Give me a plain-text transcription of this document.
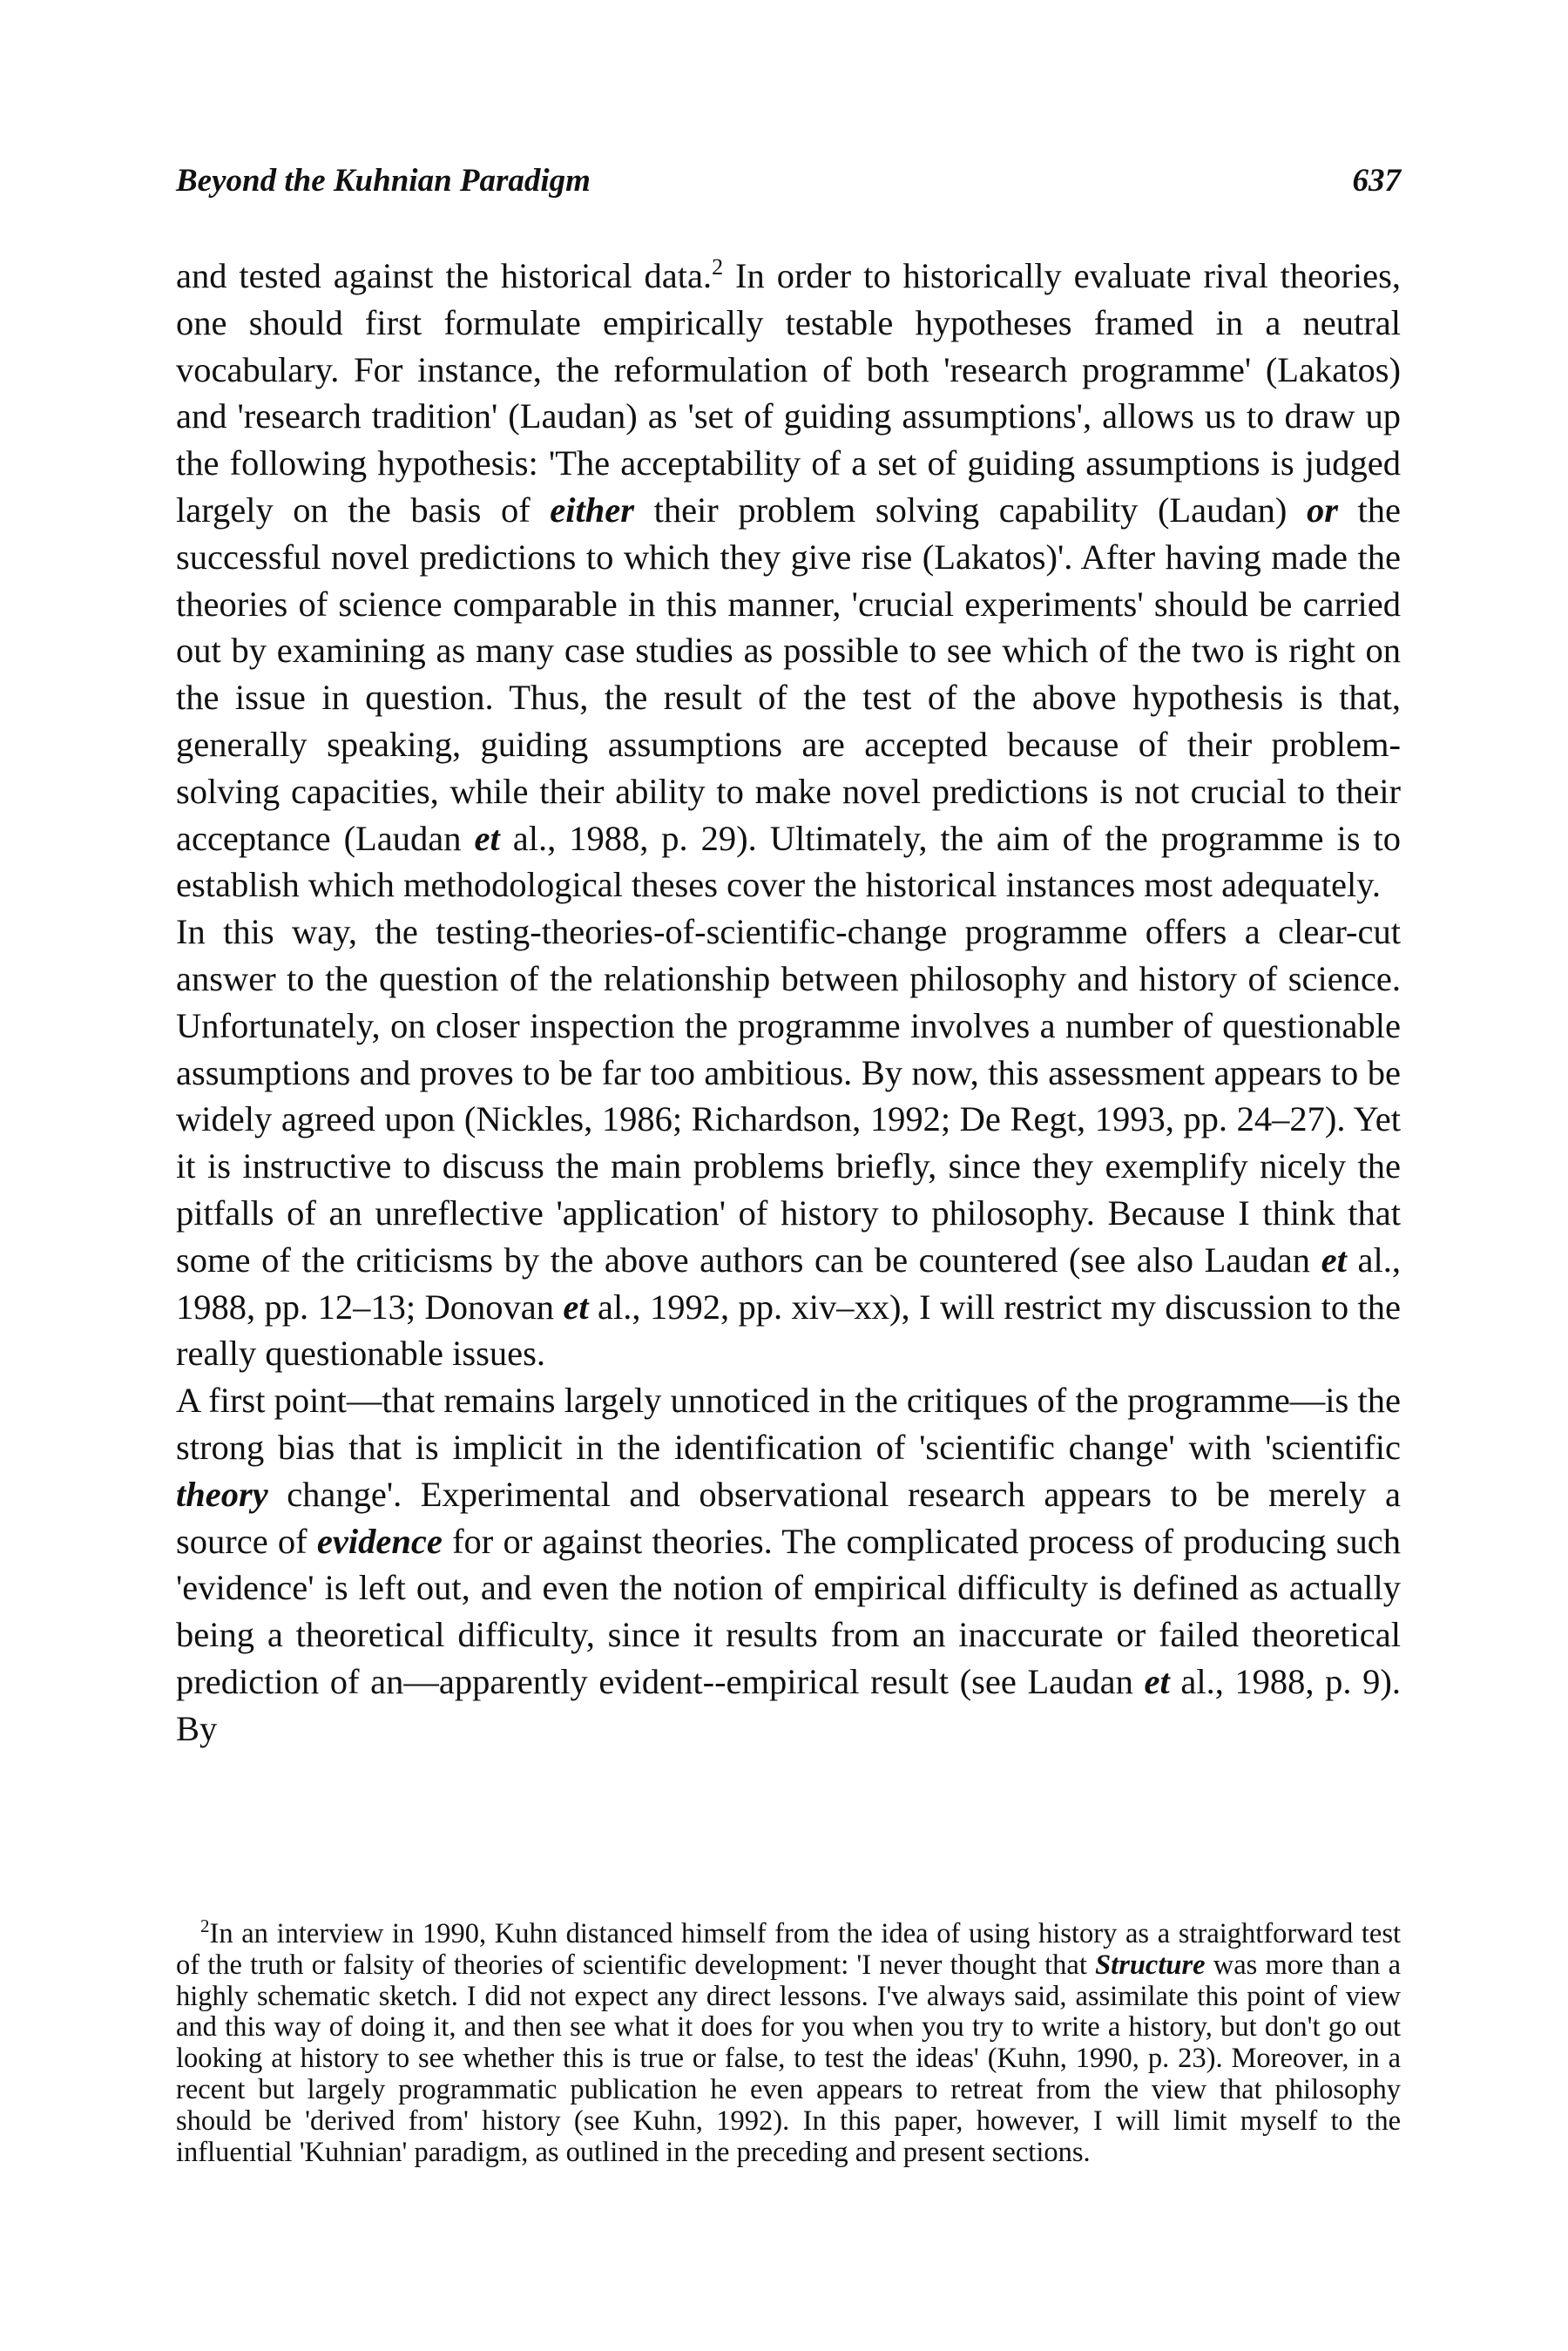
Beyond the Kuhnian Paradigm	637

and tested against the historical data.$^2$ In order to historically evaluate rival theories, one should first formulate empirically testable hypotheses framed in a neutral vocabulary. For instance, the reformulation of both 'research programme' (Lakatos) and 'research tradition' (Laudan) as 'set of guiding assumptions', allows us to draw up the following hypothesis: 'The acceptability of a set of guiding assumptions is judged largely on the basis of either their problem solving capability (Laudan) or the successful novel predictions to which they give rise (Lakatos)'. After having made the theories of science comparable in this manner, 'crucial experiments' should be carried out by examining as many case studies as possible to see which of the two is right on the issue in question. Thus, the result of the test of the above hypothesis is that, generally speaking, guiding assumptions are accepted because of their problem-solving capacities, while their ability to make novel predictions is not crucial to their acceptance (Laudan et al., 1988, p. 29). Ultimately, the aim of the programme is to establish which methodological theses cover the historical instances most adequately.

In this way, the testing-theories-of-scientific-change programme offers a clear-cut answer to the question of the relationship between philosophy and history of science. Unfortunately, on closer inspection the programme involves a number of questionable assumptions and proves to be far too ambitious. By now, this assessment appears to be widely agreed upon (Nickles, 1986; Richardson, 1992; De Regt, 1993, pp. 24–27). Yet it is instructive to discuss the main problems briefly, since they exemplify nicely the pitfalls of an unreflective 'application' of history to philosophy. Because I think that some of the criticisms by the above authors can be countered (see also Laudan et al., 1988, pp. 12–13; Donovan et al., 1992, pp. xiv–xx), I will restrict my discussion to the really questionable issues.

A first point—that remains largely unnoticed in the critiques of the programme—is the strong bias that is implicit in the identification of 'scientific change' with 'scientific theory change'. Experimental and observational research appears to be merely a source of evidence for or against theories. The complicated process of producing such 'evidence' is left out, and even the notion of empirical difficulty is defined as actually being a theoretical difficulty, since it results from an inaccurate or failed theoretical prediction of an—apparently evident--empirical result (see Laudan et al., 1988, p. 9). By

$^2$In an interview in 1990, Kuhn distanced himself from the idea of using history as a straightforward test of the truth or falsity of theories of scientific development: 'I never thought that Structure was more than a highly schematic sketch. I did not expect any direct lessons. I've always said, assimilate this point of view and this way of doing it, and then see what it does for you when you try to write a history, but don't go out looking at history to see whether this is true or false, to test the ideas' (Kuhn, 1990, p. 23). Moreover, in a recent but largely programmatic publication he even appears to retreat from the view that philosophy should be 'derived from' history (see Kuhn, 1992). In this paper, however, I will limit myself to the influential 'Kuhnian' paradigm, as outlined in the preceding and present sections.
